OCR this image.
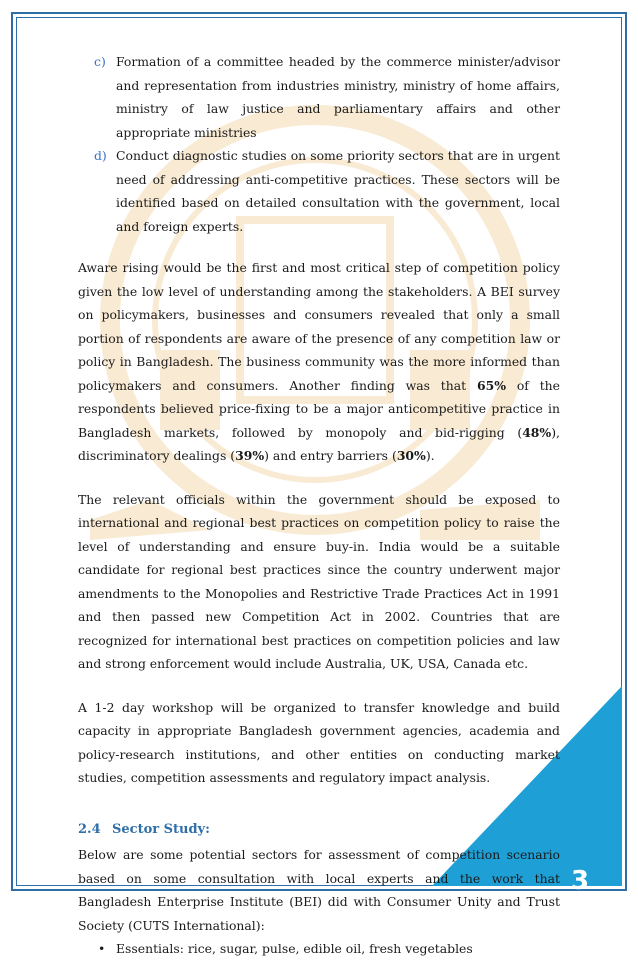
3
c) Formation of a committee headed by the commerce minister/advisor and representation from industries ministry, ministry of home affairs, ministry of law justice and parliamentary affairs and other appropriate ministries

d) Conduct diagnostic studies on some priority sectors that are in urgent need of addressing anti-competitive practices. These sectors will be identified based on detailed consultation with the government, local and foreign experts.

Aware rising would be the first and most critical step of competition policy given the low level of understanding among the stakeholders. A BEI survey on policymakers, businesses and consumers revealed that only a small portion of respondents are aware of the presence of any competition law or policy in Bangladesh. The business community was the more informed than policymakers and consumers. Another finding was that 65% of the respondents believed price-fixing to be a major anticompetitive practice in Bangladesh markets, followed by monopoly and bid-rigging (48%), discriminatory dealings (39%) and entry barriers (30%).

The relevant officials within the government should be exposed to international and regional best practices on competition policy to raise the level of understanding and ensure buy-in. India would be a suitable candidate for regional best practices since the country underwent major amendments to the Monopolies and Restrictive Trade Practices Act in 1991 and then passed new Competition Act in 2002. Countries that are recognized for international best practices on competition policies and law and strong enforcement would include Australia, UK, USA, Canada etc.

A 1-2 day workshop will be organized to transfer knowledge and build capacity in appropriate Bangladesh government agencies, academia and policy-research institutions, and other entities on conducting market studies, competition assessments and regulatory impact analysis.

2.4 Sector Study:

Below are some potential sectors for assessment of competition scenario based on some consultation with local experts and the work that Bangladesh Enterprise Institute (BEI) did with Consumer Unity and Trust Society (CUTS International):

• Essentials: rice, sugar, pulse, edible oil, fresh vegetables
